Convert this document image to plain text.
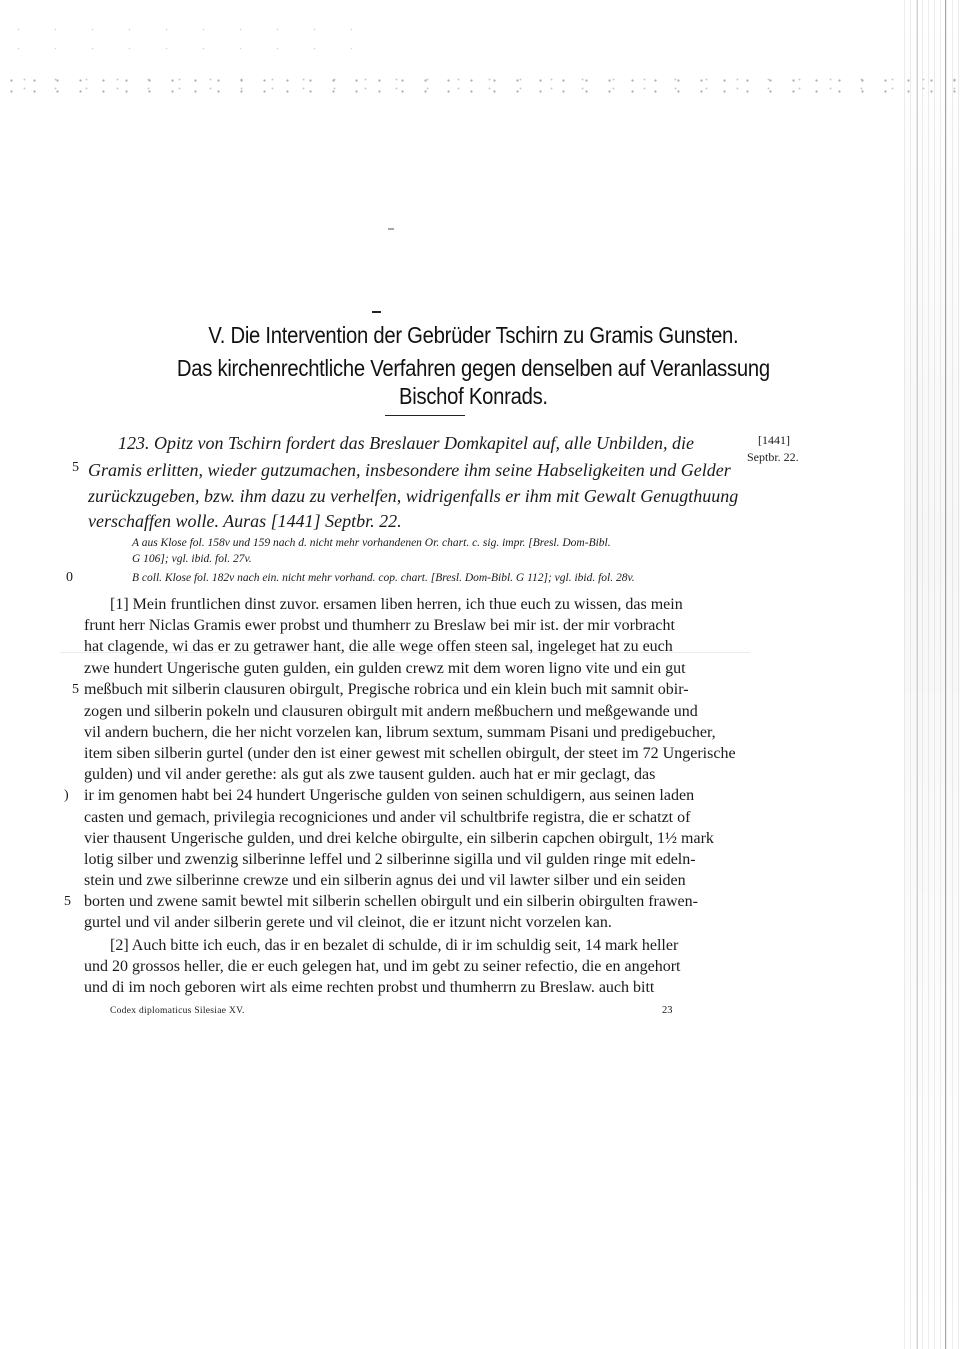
V. Die Intervention der Gebrüder Tschirn zu Gramis Gunsten.
Das kirchenrechtliche Verfahren gegen denselben auf Veranlassung
Bischof Konrads.
123. Opitz von Tschirn fordert das Breslauer Domkapitel auf, alle Unbilden, die
Gramis erlitten, wieder gutzumachen, insbesondere ihm seine Habseligkeiten und Gelder
zurückzugeben, bzw. ihm dazu zu verhelfen, widrigenfalls er ihm mit Gewalt Genugthuung
verschaffen wolle. Auras [1441] Septbr. 22.
[1441]
Septbr. 22.
A aus Klose fol. 158v und 159 nach d. nicht mehr vorhandenen Or. chart. c. sig. impr. [Bresl. Dom-Bibl.
G 106]; vgl. ibid. fol. 27v.
B coll. Klose fol. 182v nach ein. nicht mehr vorhand. cop. chart. [Bresl. Dom-Bibl. G 112]; vgl. ibid. fol. 28v.
5
0
5
)
5
[1] Mein fruntlichen dinst zuvor. ersamen liben herren, ich thue euch zu wissen, das mein
frunt herr Niclas Gramis ewer probst und thumherr zu Breslaw bei mir ist. der mir vorbracht
hat clagende, wi das er zu getrawer hant, die alle wege offen steen sal, ingeleget hat zu euch
zwe hundert Ungerische guten gulden, ein gulden crewz mit dem woren ligno vite und ein gut
meßbuch mit silberin clausuren obirgult, Pregische robrica und ein klein buch mit samnit obir-
zogen und silberin pokeln und clausuren obirgult mit andern meßbuchern und meßgewande und
vil andern buchern, die her nicht vorzelen kan, librum sextum, summam Pisani und predigebucher,
item siben silberin gurtel (under den ist einer gewest mit schellen obirgult, der steet im 72 Ungerische
gulden) und vil ander gerethe: als gut als zwe tausent gulden. auch hat er mir geclagt, das
ir im genomen habt bei 24 hundert Ungerische gulden von seinen schuldigern, aus seinen laden
casten und gemach, privilegia recogniciones und ander vil schultbrife registra, die er schatzt of
vier thausent Ungerische gulden, und drei kelche obirgulte, ein silberin capchen obirgult, 1½ mark
lotig silber und zwenzig silberinne leffel und 2 silberinne sigilla und vil gulden ringe mit edeln-
stein und zwe silberinne crewze und ein silberin agnus dei und vil lawter silber und ein seiden
borten und zwene samit bewtel mit silberin schellen obirgult und ein silberin obirgulten frawen-
gurtel und vil ander silberin gerete und vil cleinot, die er itzunt nicht vorzelen kan.
[2] Auch bitte ich euch, das ir en bezalet di schulde, di ir im schuldig seit, 14 mark heller
und 20 grossos heller, die er euch gelegen hat, und im gebt zu seiner refectio, die en angehort
und di im noch geboren wirt als eime rechten probst und thumherrn zu Breslaw. auch bitt
Codex diplomaticus Silesiae XV.	23
